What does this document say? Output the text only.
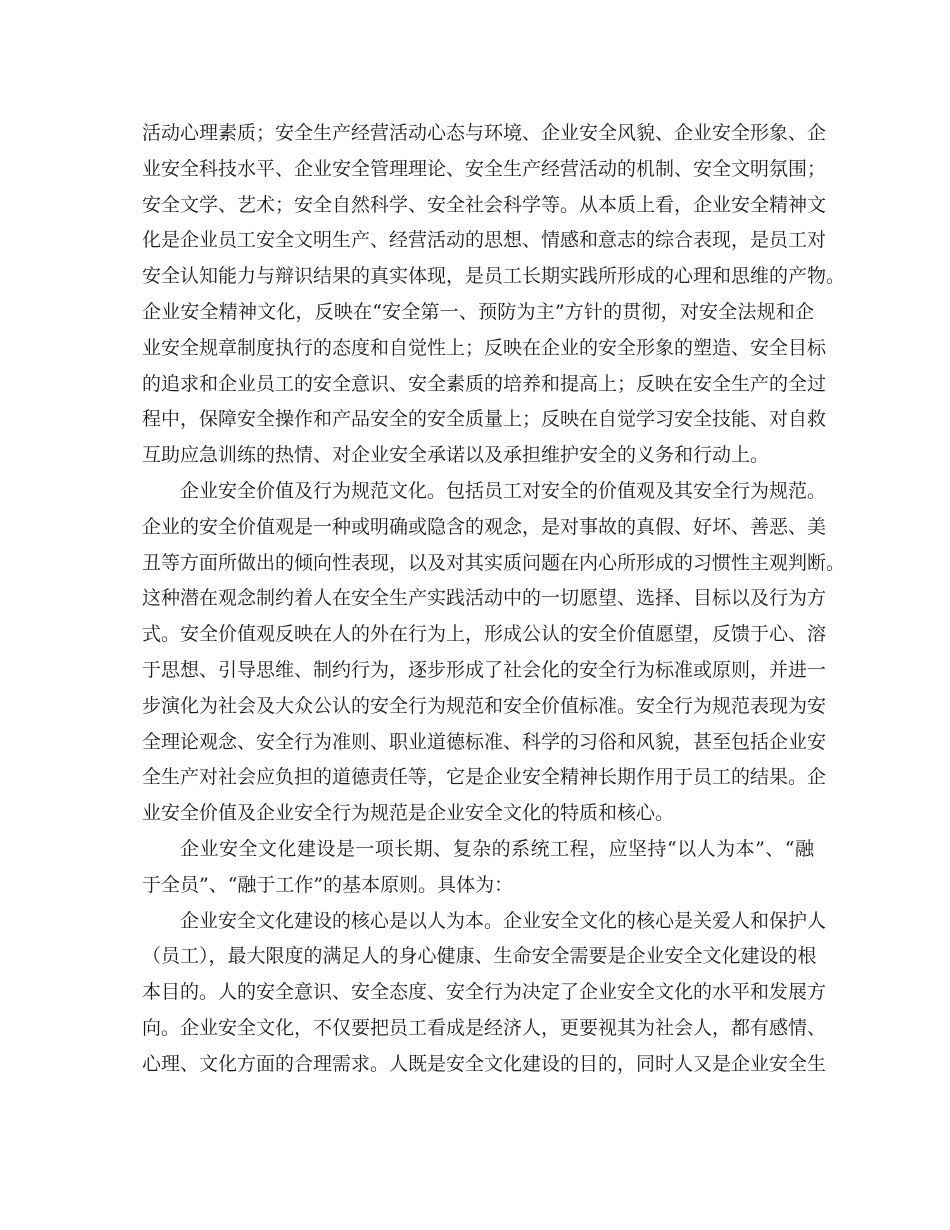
活动心理素质；安全生产经营活动心态与环境、企业安全风貌、企业安全形象、企
业安全科技水平、企业安全管理理论、安全生产经营活动的机制、安全文明氛围；
安全文学、艺术；安全自然科学、安全社会科学等。从本质上看，企业安全精神文
化是企业员工安全文明生产、经营活动的思想、情感和意志的综合表现，是员工对
安全认知能力与辩识结果的真实体现，是员工长期实践所形成的心理和思维的产物。
企业安全精神文化，反映在“安全第一、预防为主”方针的贯彻，对安全法规和企
业安全规章制度执行的态度和自觉性上；反映在企业的安全形象的塑造、安全目标
的追求和企业员工的安全意识、安全素质的培养和提高上；反映在安全生产的全过
程中，保障安全操作和产品安全的安全质量上；反映在自觉学习安全技能、对自救
互助应急训练的热情、对企业安全承诺以及承担维护安全的义务和行动上。
企业安全价值及行为规范文化。包括员工对安全的价值观及其安全行为规范。
企业的安全价值观是一种或明确或隐含的观念，是对事故的真假、好坏、善恶、美
丑等方面所做出的倾向性表现，以及对其实质问题在内心所形成的习惯性主观判断。
这种潜在观念制约着人在安全生产实践活动中的一切愿望、选择、目标以及行为方
式。安全价值观反映在人的外在行为上，形成公认的安全价值愿望，反馈于心、溶
于思想、引导思维、制约行为，逐步形成了社会化的安全行为标准或原则，并进一
步演化为社会及大众公认的安全行为规范和安全价值标准。安全行为规范表现为安
全理论观念、安全行为准则、职业道德标准、科学的习俗和风貌，甚至包括企业安
全生产对社会应负担的道德责任等，它是企业安全精神长期作用于员工的结果。企
业安全价值及企业安全行为规范是企业安全文化的特质和核心。
企业安全文化建设是一项长期、复杂的系统工程，应坚持“以人为本”、“融
于全员”、“融于工作”的基本原则。具体为：
企业安全文化建设的核心是以人为本。企业安全文化的核心是关爱人和保护人
（员工），最大限度的满足人的身心健康、生命安全需要是企业安全文化建设的根
本目的。人的安全意识、安全态度、安全行为决定了企业安全文化的水平和发展方
向。企业安全文化，不仅要把员工看成是经济人，更要视其为社会人，都有感情、
心理、文化方面的合理需求。人既是安全文化建设的目的，同时人又是企业安全生
